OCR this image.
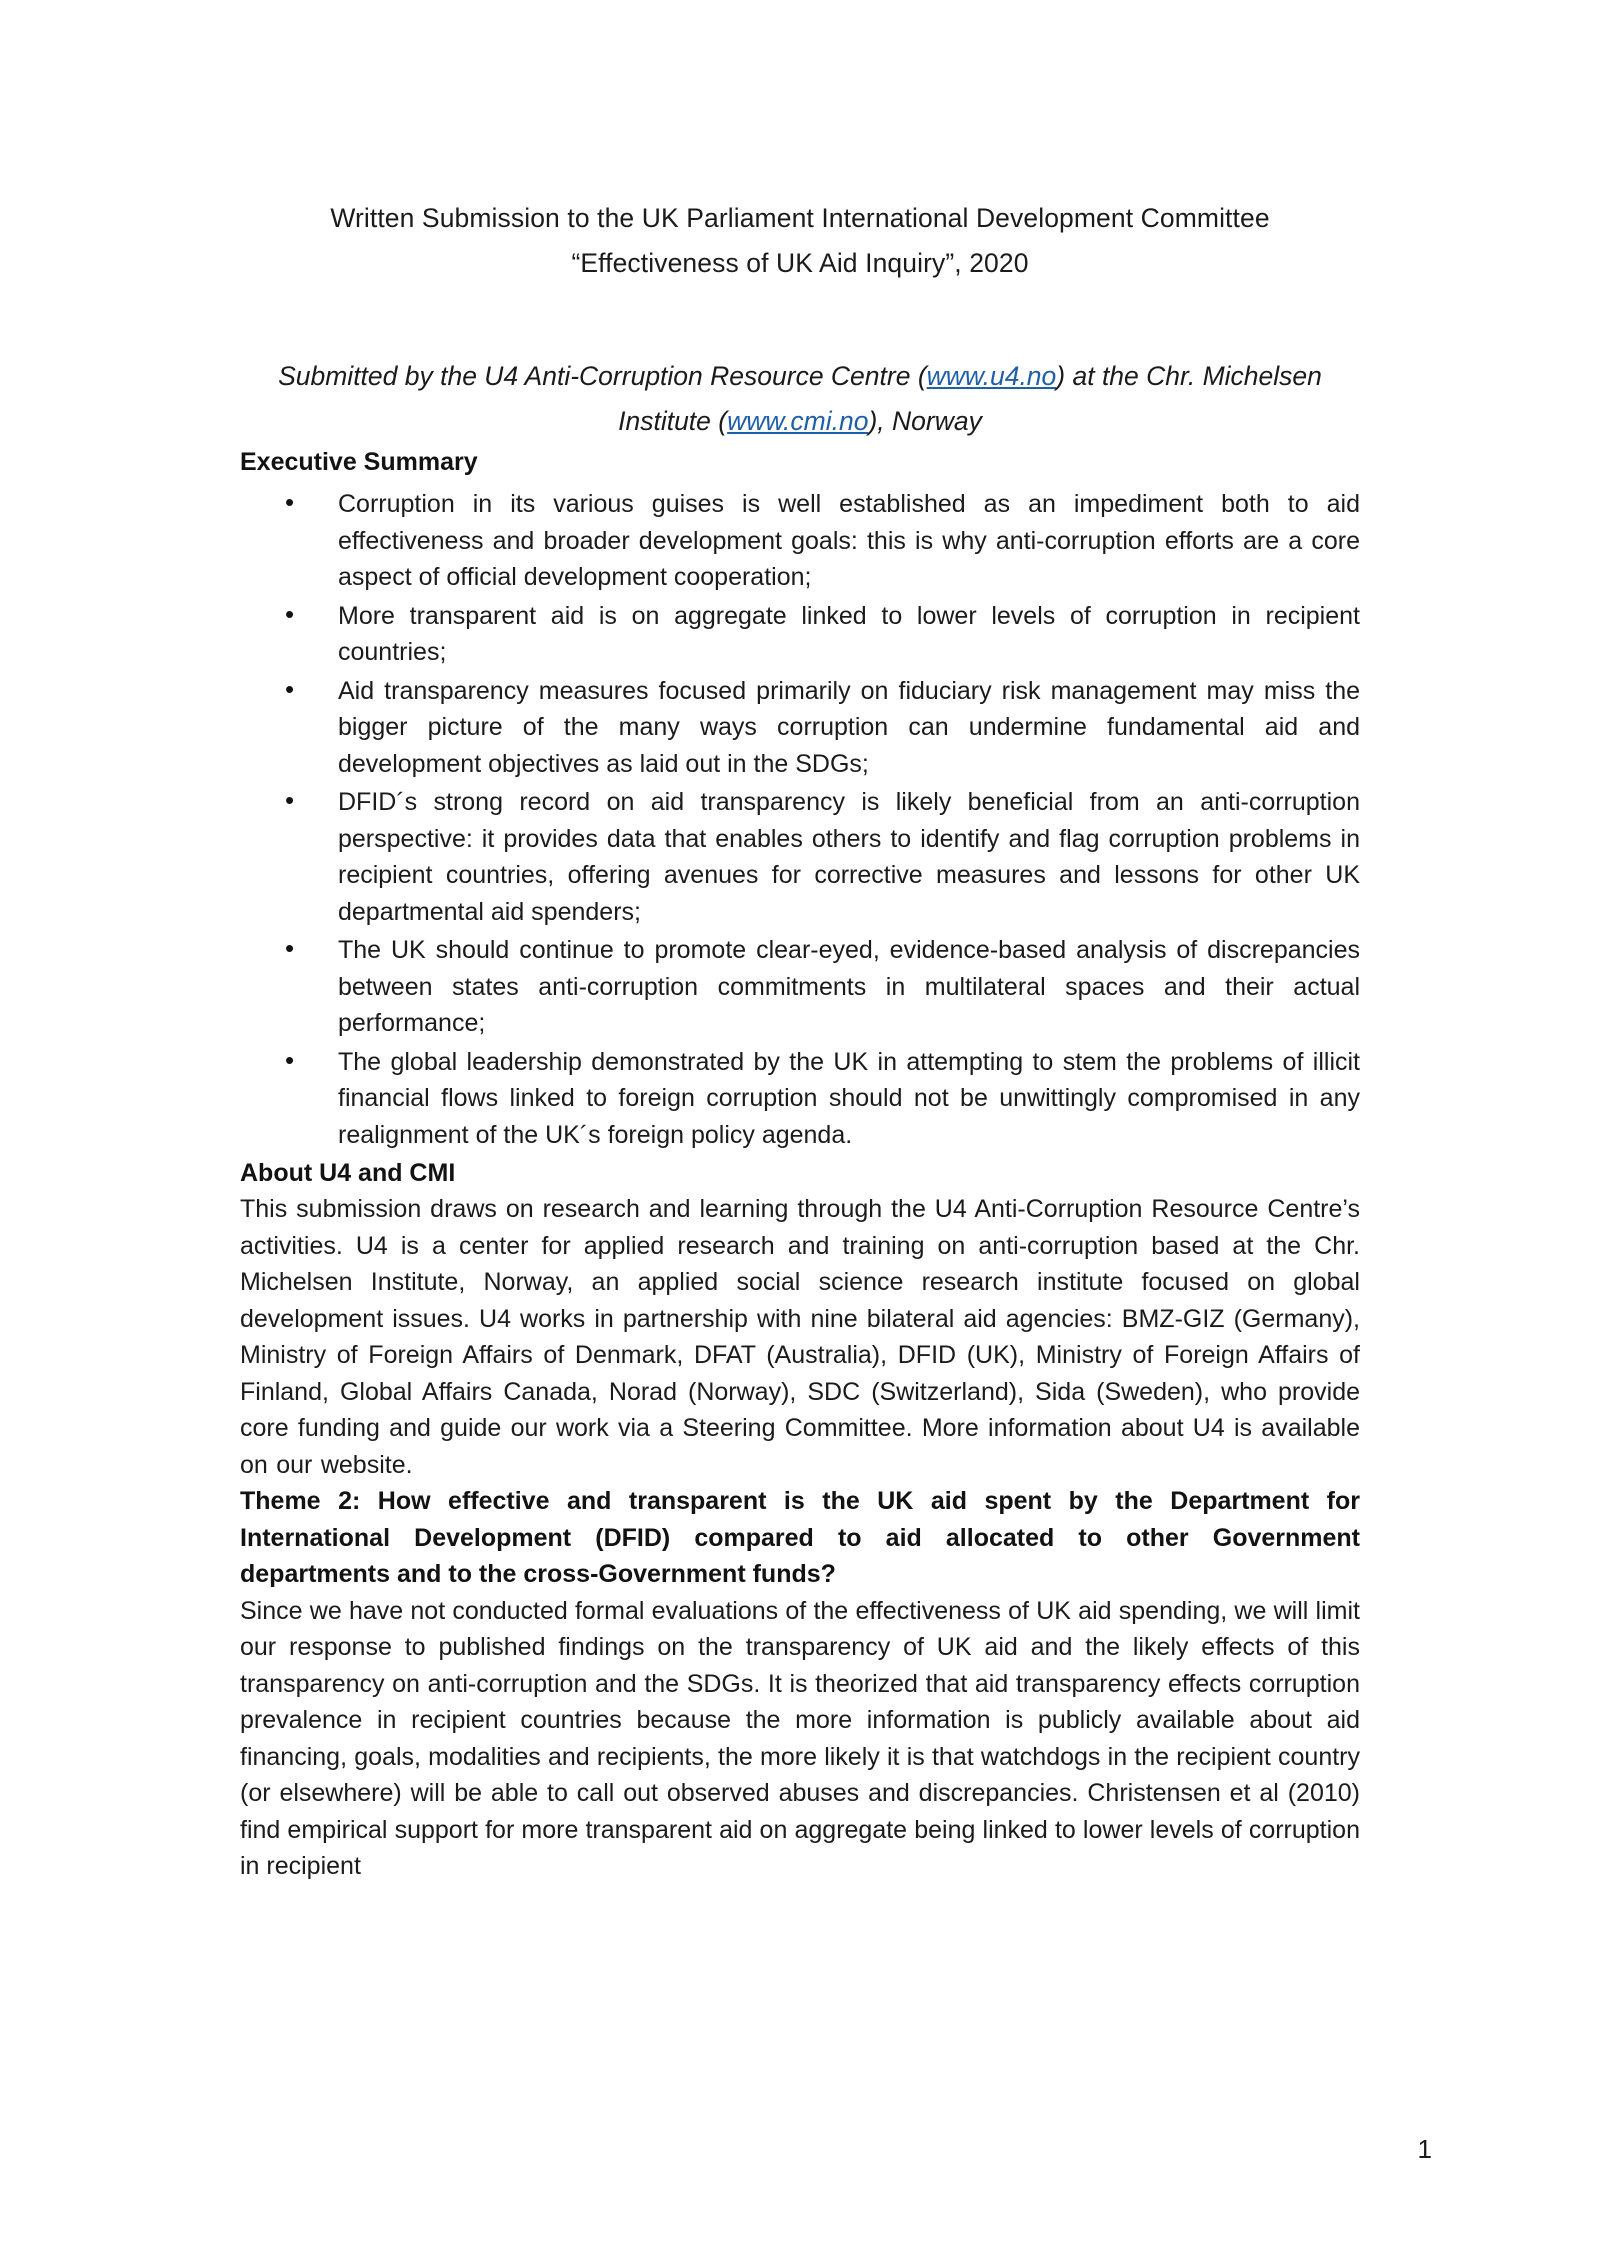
Written Submission to the UK Parliament International Development Committee
“Effectiveness of UK Aid Inquiry”, 2020
Submitted by the U4 Anti-Corruption Resource Centre (www.u4.no) at the Chr. Michelsen Institute (www.cmi.no), Norway
Executive Summary
• Corruption in its various guises is well established as an impediment both to aid effectiveness and broader development goals: this is why anti-corruption efforts are a core aspect of official development cooperation;
• More transparent aid is on aggregate linked to lower levels of corruption in recipient countries;
• Aid transparency measures focused primarily on fiduciary risk management may miss the bigger picture of the many ways corruption can undermine fundamental aid and development objectives as laid out in the SDGs;
• DFID´s strong record on aid transparency is likely beneficial from an anti-corruption perspective: it provides data that enables others to identify and flag corruption problems in recipient countries, offering avenues for corrective measures and lessons for other UK departmental aid spenders;
• The UK should continue to promote clear-eyed, evidence-based analysis of discrepancies between states anti-corruption commitments in multilateral spaces and their actual performance;
• The global leadership demonstrated by the UK in attempting to stem the problems of illicit financial flows linked to foreign corruption should not be unwittingly compromised in any realignment of the UK´s foreign policy agenda.
About U4 and CMI

This submission draws on research and learning through the U4 Anti-Corruption Resource Centre’s activities. U4 is a center for applied research and training on anti-corruption based at the Chr. Michelsen Institute, Norway, an applied social science research institute focused on global development issues. U4 works in partnership with nine bilateral aid agencies: BMZ-GIZ (Germany), Ministry of Foreign Affairs of Denmark, DFAT (Australia), DFID (UK), Ministry of Foreign Affairs of Finland, Global Affairs Canada, Norad (Norway), SDC (Switzerland), Sida (Sweden), who provide core funding and guide our work via a Steering Committee. More information about U4 is available on our website.

Theme 2: How effective and transparent is the UK aid spent by the Department for International Development (DFID) compared to aid allocated to other Government departments and to the cross-Government funds?

Since we have not conducted formal evaluations of the effectiveness of UK aid spending, we will limit our response to published findings on the transparency of UK aid and the likely effects of this transparency on anti-corruption and the SDGs. It is theorized that aid transparency effects corruption prevalence in recipient countries because the more information is publicly available about aid financing, goals, modalities and recipients, the more likely it is that watchdogs in the recipient country (or elsewhere) will be able to call out observed abuses and discrepancies. Christensen et al (2010) find empirical support for more transparent aid on aggregate being linked to lower levels of corruption in recipient

1
